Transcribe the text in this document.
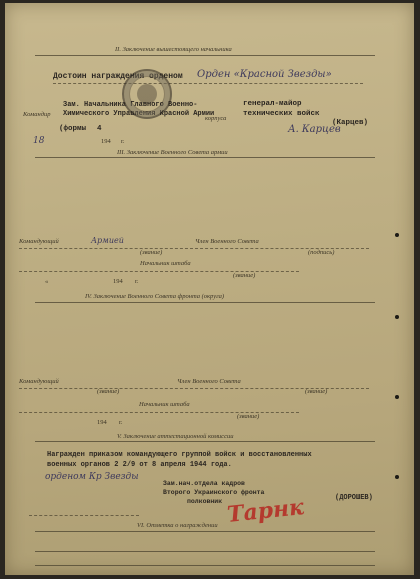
II. Заключение вышестоящего начальника
Достоин награждения орденом Орден «Красной Звезды»
Командир
Зам. Начальника Главного Военно-Химического Управления Красной Армии
корпуса
генерал-майор
технических войск
(формы 4
(Карцев)
А. Карцев
18	194 г.
III. Заключение Военного Совета армии
Командующий	Армией	Член Военного Совета
(звание)	(подпись)
Начальник штаба
(звание)
«	194 г.
IV. Заключение Военного Совета фронта (округа)
Командующий	Член Военного Совета
(звание)	(звание)
Начальник штаба
(звание)
194 г.
V. Заключение аттестационной комиссии
Награжден приказом командующего группой войск и восстановленных
военных органов 2 2/9 от 8 апреля 1944 года.
орденом Кр Звезды
Зам.нач.отдела кадров
Второго Украинского фронта
полковник Тарнк	(ДОРОШЕВ)
VI. Отметка о награждении
